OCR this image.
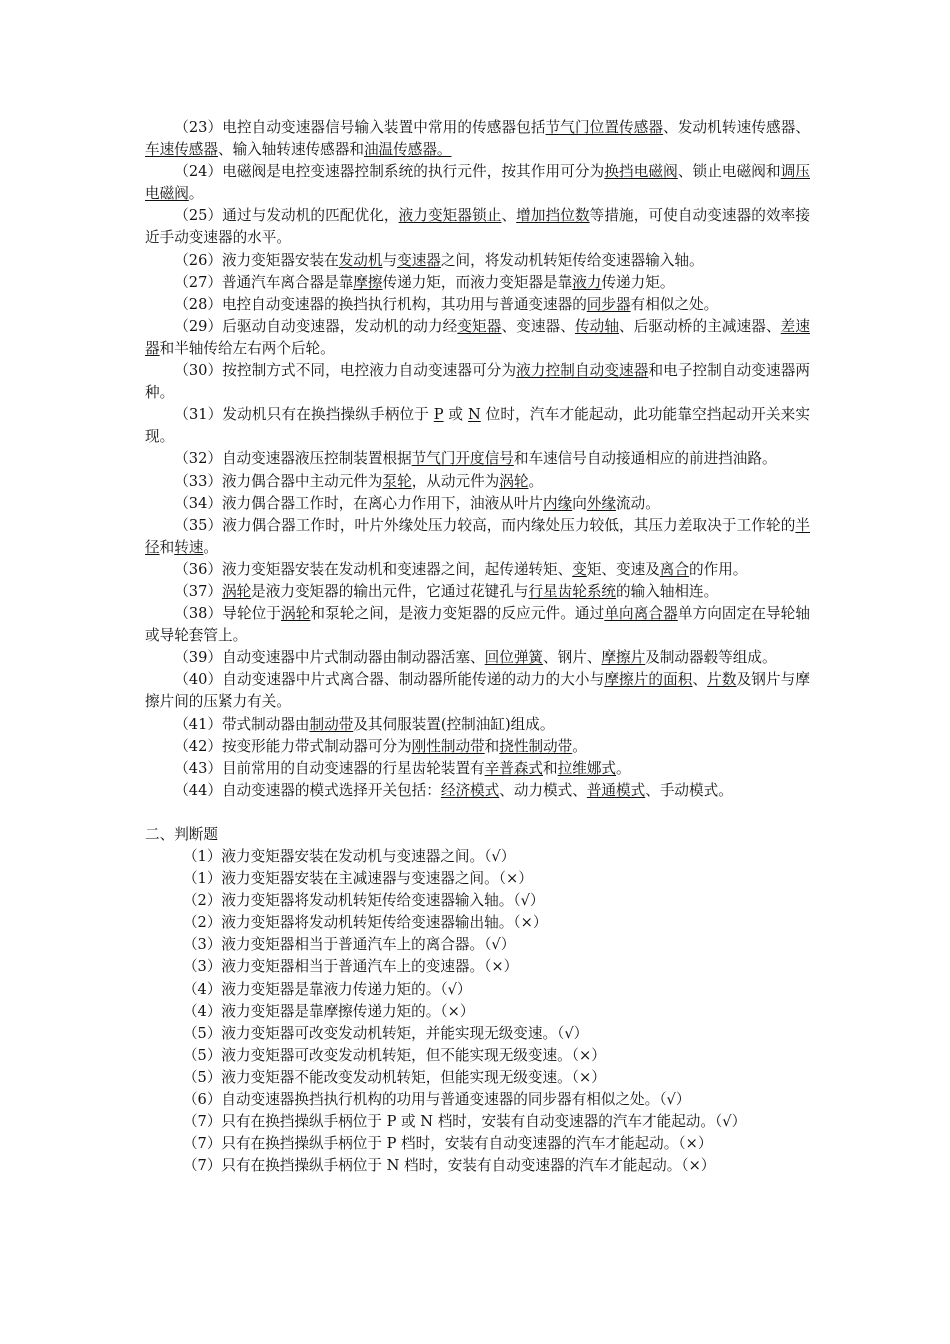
（23）电控自动变速器信号输入装置中常用的传感器包括节气门位置传感器、发动机转速传感器、车速传感器、输入轴转速传感器和油温传感器。

（24）电磁阀是电控变速器控制系统的执行元件，按其作用可分为换挡电磁阀、锁止电磁阀和调压电磁阀。

（25）通过与发动机的匹配优化，液力变矩器锁止、增加挡位数等措施，可使自动变速器的效率接近手动变速器的水平。

（26）液力变矩器安装在发动机与变速器之间，将发动机转矩传给变速器输入轴。

（27）普通汽车离合器是靠摩擦传递力矩，而液力变矩器是靠液力传递力矩。

（28）电控自动变速器的换挡执行机构，其功用与普通变速器的同步器有相似之处。

（29）后驱动自动变速器，发动机的动力经变矩器、变速器、传动轴、后驱动桥的主减速器、差速器和半轴传给左右两个后轮。

（30）按控制方式不同，电控液力自动变速器可分为液力控制自动变速器和电子控制自动变速器两种。

（31）发动机只有在换挡操纵手柄位于 P 或 N 位时，汽车才能起动，此功能靠空挡起动开关来实现。

（32）自动变速器液压控制装置根据节气门开度信号和车速信号自动接通相应的前进挡油路。

（33）液力偶合器中主动元件为泵轮，从动元件为涡轮。

（34）液力偶合器工作时，在离心力作用下，油液从叶片内缘向外缘流动。

（35）液力偶合器工作时，叶片外缘处压力较高，而内缘处压力较低，其压力差取决于工作轮的半径和转速。

（36）液力变矩器安装在发动机和变速器之间，起传递转矩、变矩、变速及离合的作用。

（37）涡轮是液力变矩器的输出元件，它通过花键孔与行星齿轮系统的输入轴相连。

（38）导轮位于涡轮和泵轮之间，是液力变矩器的反应元件。通过单向离合器单方向固定在导轮轴或导轮套管上。

（39）自动变速器中片式制动器由制动器活塞、回位弹簧、钢片、摩擦片及制动器毂等组成。

（40）自动变速器中片式离合器、制动器所能传递的动力的大小与摩擦片的面积、片数及钢片与摩擦片间的压紧力有关。

（41）带式制动器由制动带及其伺服装置(控制油缸)组成。

（42）按变形能力带式制动器可分为刚性制动带和挠性制动带。

（43）目前常用的自动变速器的行星齿轮装置有辛普森式和拉维娜式。

（44）自动变速器的模式选择开关包括：经济模式、动力模式、普通模式、手动模式。

二、判断题

（1）液力变矩器安装在发动机与变速器之间。（√）

（1）液力变矩器安装在主减速器与变速器之间。（×）

（2）液力变矩器将发动机转矩传给变速器输入轴。（√）

（2）液力变矩器将发动机转矩传给变速器输出轴。（×）

（3）液力变矩器相当于普通汽车上的离合器。（√）

（3）液力变矩器相当于普通汽车上的变速器。（×）

（4）液力变矩器是靠液力传递力矩的。（√）

（4）液力变矩器是靠摩擦传递力矩的。（×）

（5）液力变矩器可改变发动机转矩，并能实现无级变速。（√）

（5）液力变矩器可改变发动机转矩，但不能实现无级变速。（×）

（5）液力变矩器不能改变发动机转矩，但能实现无级变速。（×）

（6）自动变速器换挡执行机构的功用与普通变速器的同步器有相似之处。（√）

（7）只有在换挡操纵手柄位于 P 或 N 档时，安装有自动变速器的汽车才能起动。（√）

（7）只有在换挡操纵手柄位于 P 档时，安装有自动变速器的汽车才能起动。（×）

（7）只有在换挡操纵手柄位于 N 档时，安装有自动变速器的汽车才能起动。（×）
